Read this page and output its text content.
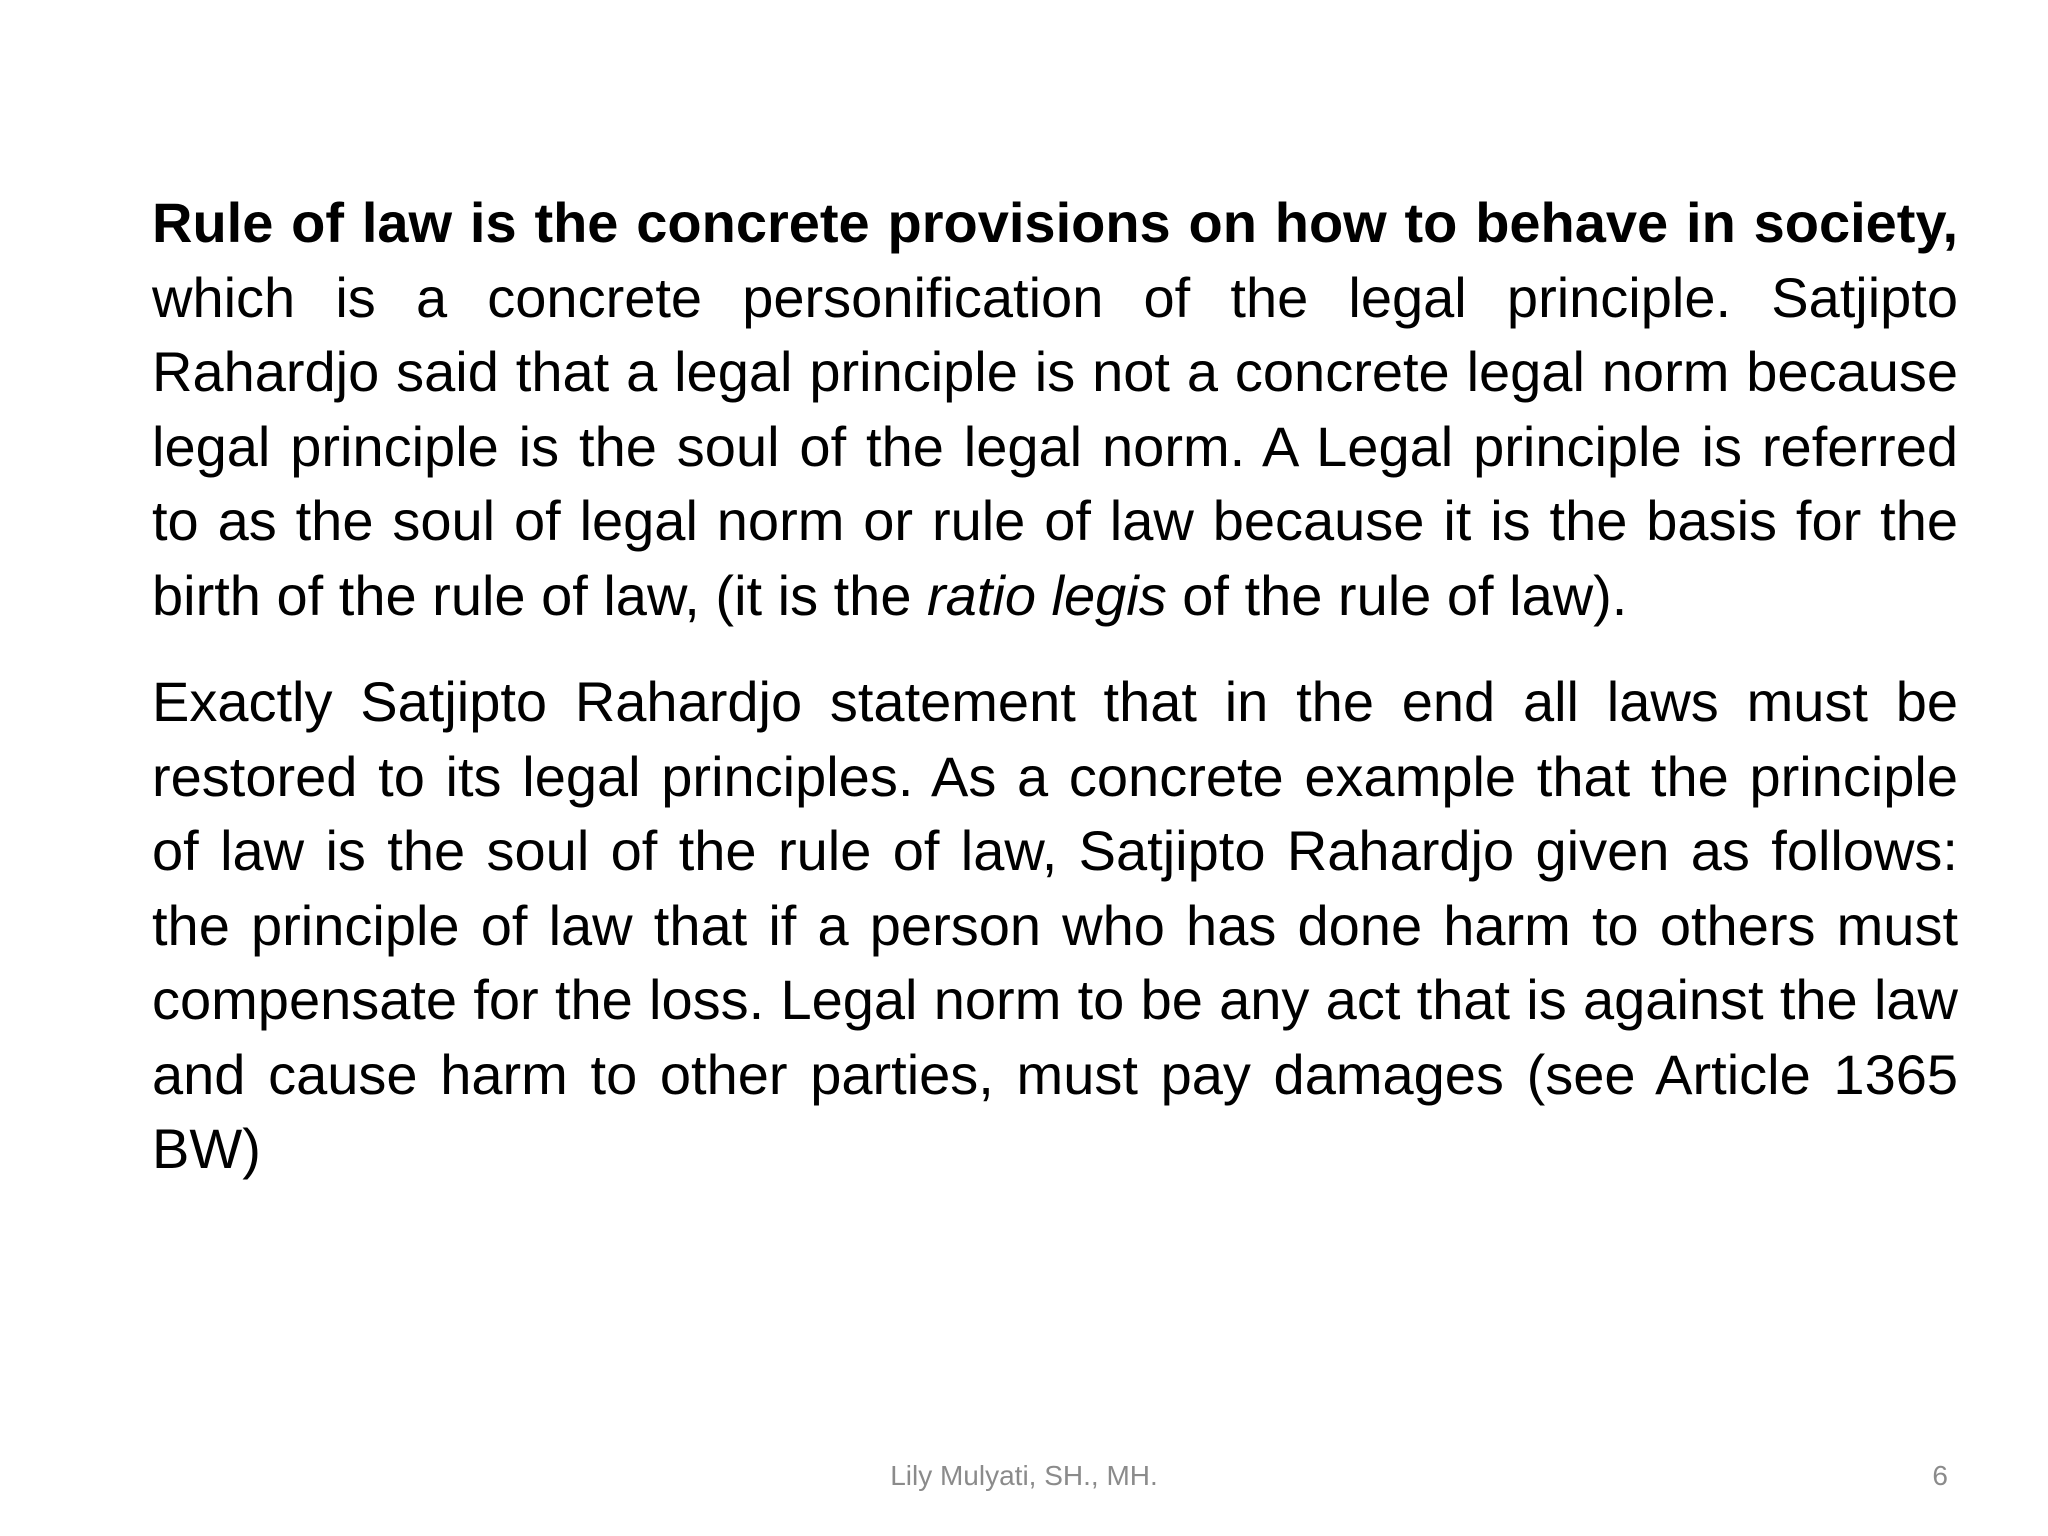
Rule of law is the concrete provisions on how to behave in society,  which is a concrete personification of the legal principle. Satjipto Rahardjo said that a legal principle is not a concrete legal norm because legal principle is the soul of the legal norm. A Legal principle is referred to as the soul of legal norm or rule of law because it is the basis for the birth of the rule of law, (it is the ratio legis of the rule of law).

Exactly Satjipto Rahardjo statement that in the end all laws must be restored to its legal principles. As a concrete example that the principle of law is the soul of the rule of law, Satjipto Rahardjo given as follows: the principle of law that if a person who has done harm to others must compensate for the loss. Legal norm to be any act that is against the law and cause harm to other parties, must pay damages (see Article 1365 BW)

Lily Mulyati, SH., MH.	6
